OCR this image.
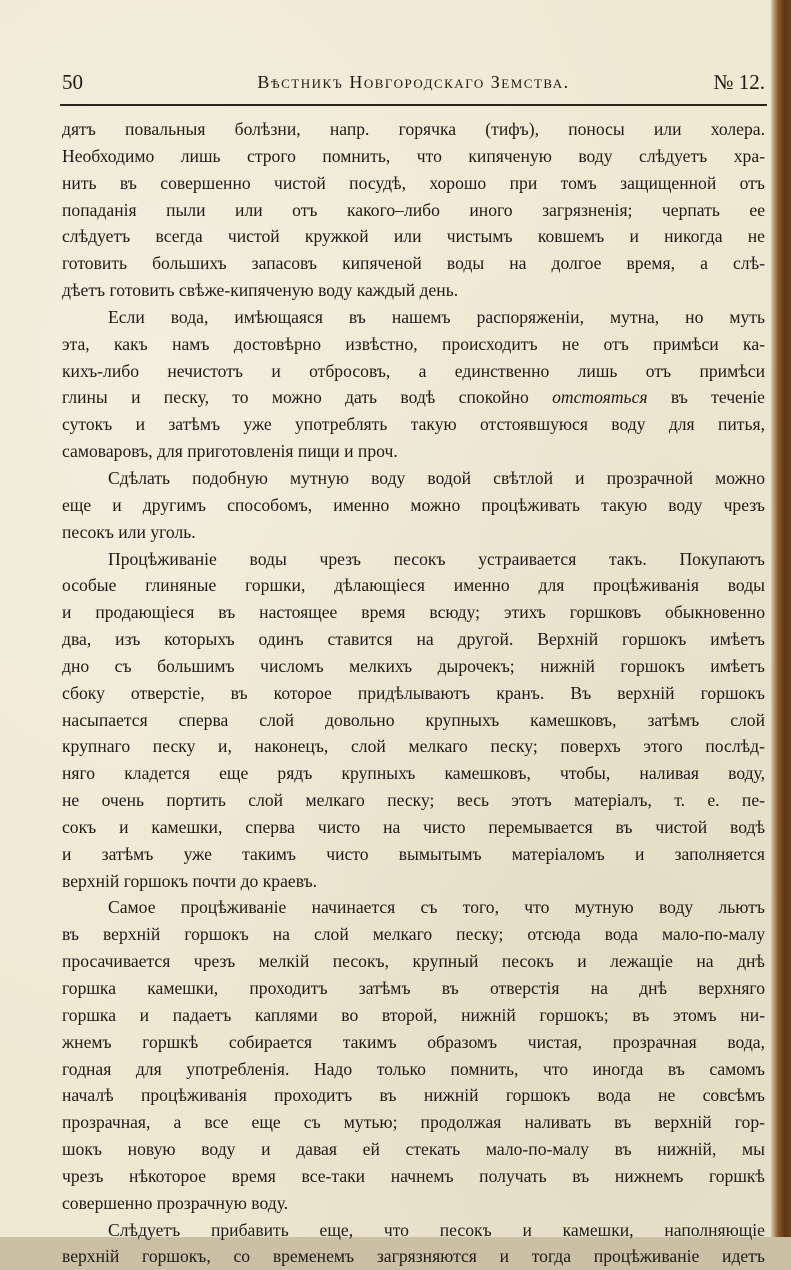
50	Вѣстникъ Новгородскаго Земства.	№ 12.
дятъ повальныя болѣзни, напр. горячка (тифъ), поносы или холера.
Необходимо лишь строго помнить, что кипяченую воду слѣдуетъ хра-
нить въ совершенно чистой посудѣ, хорошо при томъ защищенной отъ
попаданія пыли или отъ какого–либо иного загрязненія; черпать ее
слѣдуетъ всегда чистой кружкой или чистымъ ковшемъ и никогда не
готовить большихъ запасовъ кипяченой воды на долгое время, а слѣ-
дѣетъ готовить свѣже-кипяченую воду каждый день.
Если вода, имѣющаяся въ нашемъ распоряженіи, мутна, но муть
эта, какъ намъ достовѣрно извѣстно, происходитъ не отъ примѣси ка-
кихъ-либо нечистотъ и отбросовъ, а единственно лишь отъ примѣси
глины и песку, то можно дать водѣ спокойно отстояться въ теченіе
сутокъ и затѣмъ уже употреблять такую отстоявшуюся воду для питья,
самоваровъ, для приготовленія пищи и проч.
Сдѣлать подобную мутную воду водой свѣтлой и прозрачной можно
еще и другимъ способомъ, именно можно процѣживать такую воду чрезъ
песокъ или уголь.
Процѣживаніе воды чрезъ песокъ устраивается такъ. Покупаютъ
особые глиняные горшки, дѣлающіеся именно для процѣживанія воды
и продающіеся въ настоящее время всюду; этихъ горшковъ обыкновенно
два, изъ которыхъ одинъ ставится на другой. Верхній горшокъ имѣетъ
дно съ большимъ числомъ мелкихъ дырочекъ; нижній горшокъ имѣетъ
сбоку отверстіе, въ которое придѣлываютъ кранъ. Въ верхній горшокъ
насыпается сперва слой довольно крупныхъ камешковъ, затѣмъ слой
крупнаго песку и, наконецъ, слой мелкаго песку; поверхъ этого послѣд-
няго кладется еще рядъ крупныхъ камешковъ, чтобы, наливая воду,
не очень портить слой мелкаго песку; весь этотъ матеріалъ, т. е. пе-
сокъ и камешки, сперва чисто на чисто перемывается въ чистой водѣ
и затѣмъ уже такимъ чисто вымытымъ матеріаломъ и заполняется
верхній горшокъ почти до краевъ.
Самое процѣживаніе начинается съ того, что мутную воду льютъ
въ верхній горшокъ на слой мелкаго песку; отсюда вода мало-по-малу
просачивается чрезъ мелкій песокъ, крупный песокъ и лежащіе на днѣ
горшка камешки, проходитъ затѣмъ въ отверстія на днѣ верхняго
горшка и падаетъ каплями во второй, нижній горшокъ; въ этомъ ни-
жнемъ горшкѣ собирается такимъ образомъ чистая, прозрачная вода,
годная для употребленія. Надо только помнить, что иногда въ самомъ
началѣ процѣживанія проходитъ въ нижній горшокъ вода не совсѣмъ
прозрачная, а все еще съ мутью; продолжая наливать въ верхній гор-
шокъ новую воду и давая ей стекать мало-по-малу въ нижній, мы
чрезъ нѣкоторое время все-таки начнемъ получать въ нижнемъ горшкѣ
совершенно прозрачную воду.
Слѣдуетъ прибавить еще, что песокъ и камешки, наполняющіе
верхній горшокъ, со временемъ загрязняются и тогда процѣживаніе идетъ
